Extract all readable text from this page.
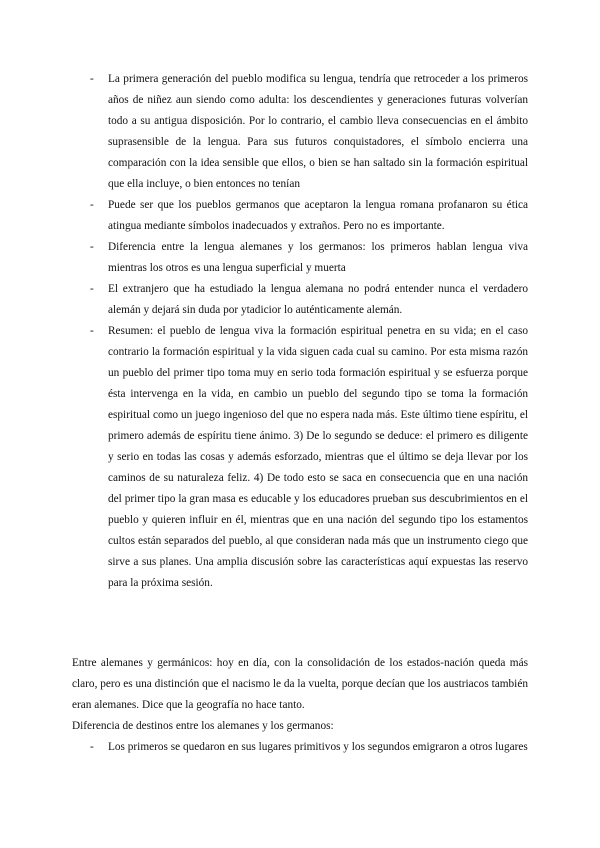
- La primera generación del pueblo modifica su lengua, tendría que retroceder a los primeros años de niñez aun siendo como adulta: los descendientes y generaciones futuras volverían todo a su antigua disposición. Por lo contrario, el cambio lleva consecuencias en el ámbito suprasensible de la lengua. Para sus futuros conquistadores, el símbolo encierra una comparación con la idea sensible que ellos, o bien se han saltado sin la formación espiritual que ella incluye, o bien entonces no tenían
- Puede ser que los pueblos germanos que aceptaron la lengua romana profanaron su ética atingua mediante símbolos inadecuados y extraños. Pero no es importante.
- Diferencia entre la lengua alemanes y los germanos: los primeros hablan lengua viva mientras los otros es una lengua superficial y muerta
- El extranjero que ha estudiado la lengua alemana no podrá entender nunca el verdadero alemán y dejará sin duda por ytadicior lo auténticamente alemán.
- Resumen: el pueblo de lengua viva la formación espiritual penetra en su vida; en el caso contrario la formación espiritual y la vida siguen cada cual su camino. Por esta misma razón un pueblo del primer tipo toma muy en serio toda formación espiritual y se esfuerza porque ésta intervenga en la vida, en cambio un pueblo del segundo tipo se toma la formación espiritual como un juego ingenioso del que no espera nada más. Este último tiene espíritu, el primero además de espíritu tiene ánimo. 3) De lo segundo se deduce: el primero es diligente y serio en todas las cosas y además esforzado, mientras que el último se deja llevar por los caminos de su naturaleza feliz. 4) De todo esto se saca en consecuencia que en una nación del primer tipo la gran masa es educable y los educadores prueban sus descubrimientos en el pueblo y quieren influir en él, mientras que en una nación del segundo tipo los estamentos cultos están separados del pueblo, al que consideran nada más que un instrumento ciego que sirve a sus planes. Una amplia discusión sobre las características aquí expuestas las reservo para la próxima sesión.

Entre alemanes y germánicos: hoy en día, con la consolidación de los estados-nación queda más claro, pero es una distinción que el nacismo le da la vuelta, porque decían que los austriacos también eran alemanes. Dice que la geografía no hace tanto.

Diferencia de destinos entre los alemanes y los germanos:

- Los primeros se quedaron en sus lugares primitivos y los segundos emigraron a otros lugares
